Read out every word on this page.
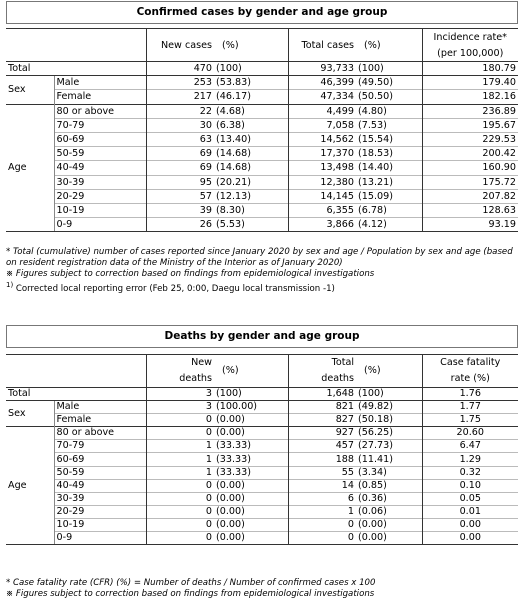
Confirmed cases by gender and age group
		New cases	(%)	Total cases	(%)	Incidence rate*
						(per 100,000)
Total		470	(100)	93,733	(100)	180.79
Sex	Male	253	(53.83)	46,399	(49.50)	179.40
	Female	217	(46.17)	47,334	(50.50)	182.16
Age	80 or above	22	(4.68)	4,499	(4.80)	236.89
	70-79	30	(6.38)	7,058	(7.53)	195.67
	60-69	63	(13.40)	14,562	(15.54)	229.53
	50-59	69	(14.68)	17,370	(18.53)	200.42
	40-49	69	(14.68)	13,498	(14.40)	160.90
	30-39	95	(20.21)	12,380	(13.21)	175.72
	20-29	57	(12.13)	14,145	(15.09)	207.82
	10-19	39	(8.30)	6,355	(6.78)	128.63
	0-9	26	(5.53)	3,866	(4.12)	93.19
* Total (cumulative) number of cases reported since January 2020 by sex and age / Population by sex and age (based on resident registration data of the Ministry of the Interior as of January 2020)
※ Figures subject to correction based on findings from epidemiological investigations
$^{1)}$ Corrected local reporting error (Feb 25, 0:00, Daegu local transmission -1)
Deaths by gender and age group
		New	(%)	Total	(%)	Case fatality
		deaths		deaths		rate (%)
Total		3	(100)	1,648	(100)	1.76
Sex	Male	3	(100.00)	821	(49.82)	1.77
	Female	0	(0.00)	827	(50.18)	1.75
Age	80 or above	0	(0.00)	927	(56.25)	20.60
	70-79	1	(33.33)	457	(27.73)	6.47
	60-69	1	(33.33)	188	(11.41)	1.29
	50-59	1	(33.33)	55	(3.34)	0.32
	40-49	0	(0.00)	14	(0.85)	0.10
	30-39	0	(0.00)	6	(0.36)	0.05
	20-29	0	(0.00)	1	(0.06)	0.01
	10-19	0	(0.00)	0	(0.00)	0.00
	0-9	0	(0.00)	0	(0.00)	0.00
* Case fatality rate (CFR) (%) = Number of deaths / Number of confirmed cases x 100
※ Figures subject to correction based on findings from epidemiological investigations
